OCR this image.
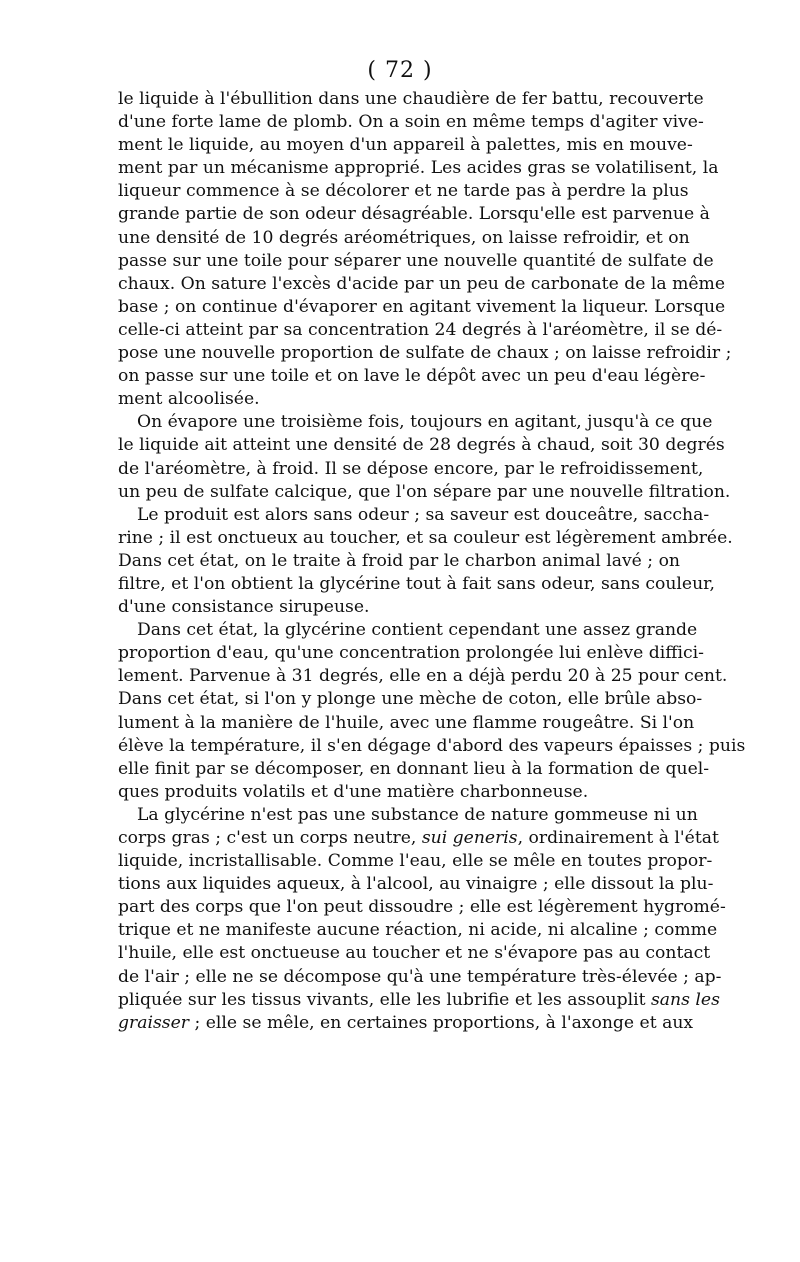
( 72 )
le liquide à l'ébullition dans une chaudière de fer battu, recouverte
d'une forte lame de plomb. On a soin en même temps d'agiter vive-
ment le liquide, au moyen d'un appareil à palettes, mis en mouve-
ment par un mécanisme approprié. Les acides gras se volatilisent, la
liqueur commence à se décolorer et ne tarde pas à perdre la plus
grande partie de son odeur désagréable. Lorsqu'elle est parvenue à
une densité de 10 degrés aréométriques, on laisse refroidir, et on
passe sur une toile pour séparer une nouvelle quantité de sulfate de
chaux. On sature l'excès d'acide par un peu de carbonate de la même
base ; on continue d'évaporer en agitant vivement la liqueur. Lorsque
celle-ci atteint par sa concentration 24 degrés à l'aréomètre, il se dé-
pose une nouvelle proportion de sulfate de chaux ; on laisse refroidir ;
on passe sur une toile et on lave le dépôt avec un peu d'eau légère-
ment alcoolisée.
On évapore une troisième fois, toujours en agitant, jusqu'à ce que
le liquide ait atteint une densité de 28 degrés à chaud, soit 30 degrés
de l'aréomètre, à froid. Il se dépose encore, par le refroidissement,
un peu de sulfate calcique, que l'on sépare par une nouvelle filtration.
Le produit est alors sans odeur ; sa saveur est douceâtre, saccha-
rine ; il est onctueux au toucher, et sa couleur est légèrement ambrée.
Dans cet état, on le traite à froid par le charbon animal lavé ; on
filtre, et l'on obtient la glycérine tout à fait sans odeur, sans couleur,
d'une consistance sirupeuse.
Dans cet état, la glycérine contient cependant une assez grande
proportion d'eau, qu'une concentration prolongée lui enlève diffici-
lement. Parvenue à 31 degrés, elle en a déjà perdu 20 à 25 pour cent.
Dans cet état, si l'on y plonge une mèche de coton, elle brûle abso-
lument à la manière de l'huile, avec une flamme rougeâtre. Si l'on
élève la température, il s'en dégage d'abord des vapeurs épaisses ; puis
elle finit par se décomposer, en donnant lieu à la formation de quel-
ques produits volatils et d'une matière charbonneuse.
La glycérine n'est pas une substance de nature gommeuse ni un
corps gras ; c'est un corps neutre, sui generis, ordinairement à l'état
liquide, incristallisable. Comme l'eau, elle se mêle en toutes propor-
tions aux liquides aqueux, à l'alcool, au vinaigre ; elle dissout la plu-
part des corps que l'on peut dissoudre ; elle est légèrement hygromé-
trique et ne manifeste aucune réaction, ni acide, ni alcaline ; comme
l'huile, elle est onctueuse au toucher et ne s'évapore pas au contact
de l'air ; elle ne se décompose qu'à une température très-élevée ; ap-
pliquée sur les tissus vivants, elle les lubrifie et les assouplit sans les
graisser ; elle se mêle, en certaines proportions, à l'axonge et aux
